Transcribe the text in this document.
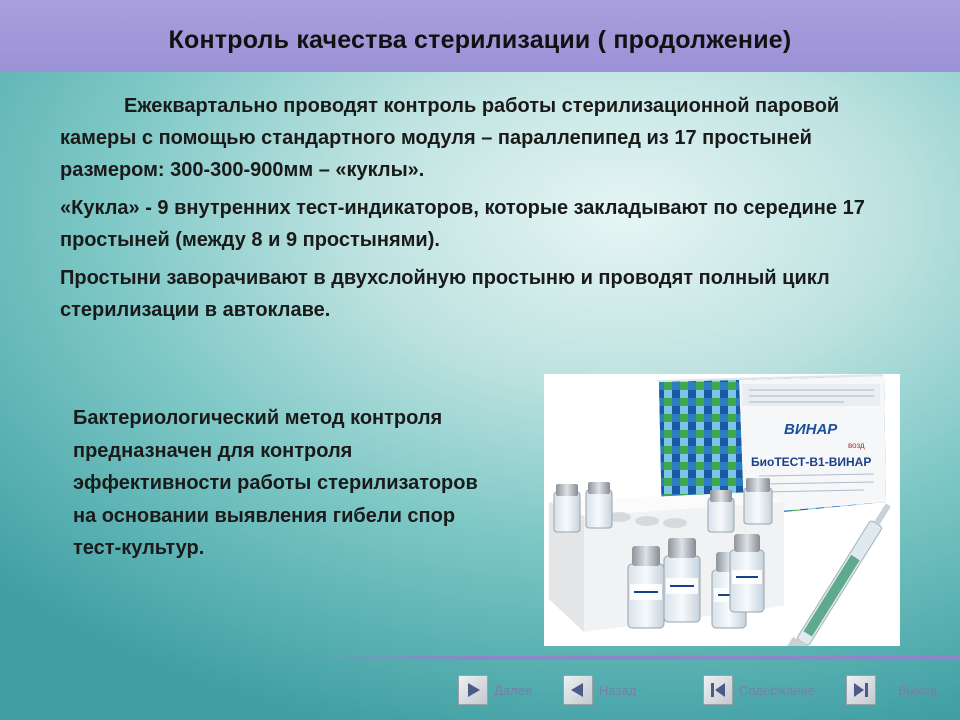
Контроль качества стерилизации ( продолжение)

Ежеквартально проводят контроль работы стерилизационной паровой камеры с помощью стандартного модуля – параллепипед из 17 простыней размером: 300-300-900мм – «куклы».

«Кукла» - 9 внутренних тест-индикаторов, которые закладывают по середине 17 простыней (между 8 и 9 простынями).

Простыни заворачивают в двухслойную простыню и проводят полный цикл стерилизации в автоклаве.

Бактериологический метод контроля
предназначен для контроля
эффективности работы стерилизаторов
на основании выявления гибели спор
тест-культур.
ВИНАР
возд
БиоТЕСТ-В1-ВИНАР
Далее	Назад	Содержание	Выход
